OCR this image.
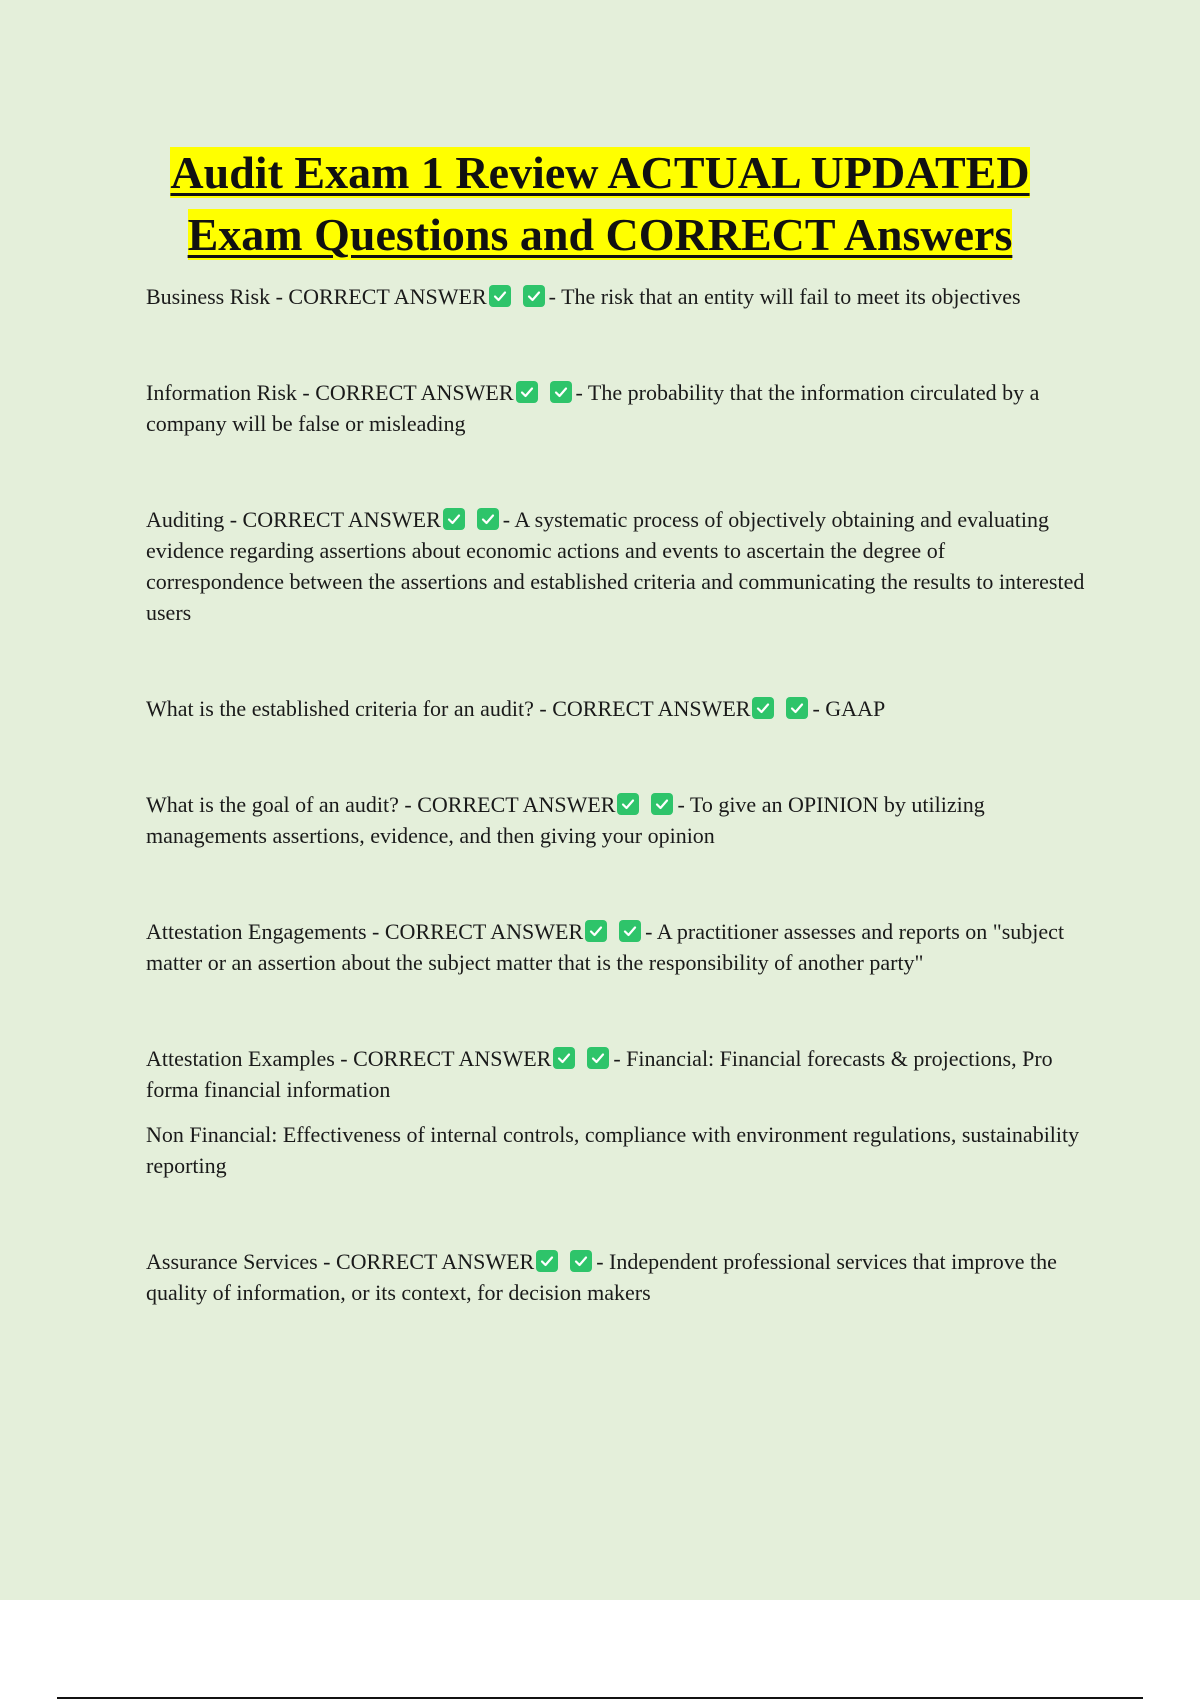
Audit Exam 1 Review ACTUAL UPDATED
Exam Questions and CORRECT Answers

Business Risk - CORRECT ANSWER	- The risk that an entity will fail to meet its objectives

Information Risk - CORRECT ANSWER	- The probability that the information circulated by a company will be false or misleading

Auditing - CORRECT ANSWER	- A systematic process of objectively obtaining and evaluating evidence regarding assertions about economic actions and events to ascertain the degree of correspondence between the assertions and established criteria and communicating the results to interested users

What is the established criteria for an audit? - CORRECT ANSWER	- GAAP

What is the goal of an audit? - CORRECT ANSWER	- To give an OPINION by utilizing managements assertions, evidence, and then giving your opinion

Attestation Engagements - CORRECT ANSWER	- A practitioner assesses and reports on "subject matter or an assertion about the subject matter that is the responsibility of another party"

Attestation Examples - CORRECT ANSWER	- Financial: Financial forecasts & projections, Pro forma financial information

Non Financial: Effectiveness of internal controls, compliance with environment regulations, sustainability reporting

Assurance Services - CORRECT ANSWER	- Independent professional services that improve the quality of information, or its context, for decision makers
